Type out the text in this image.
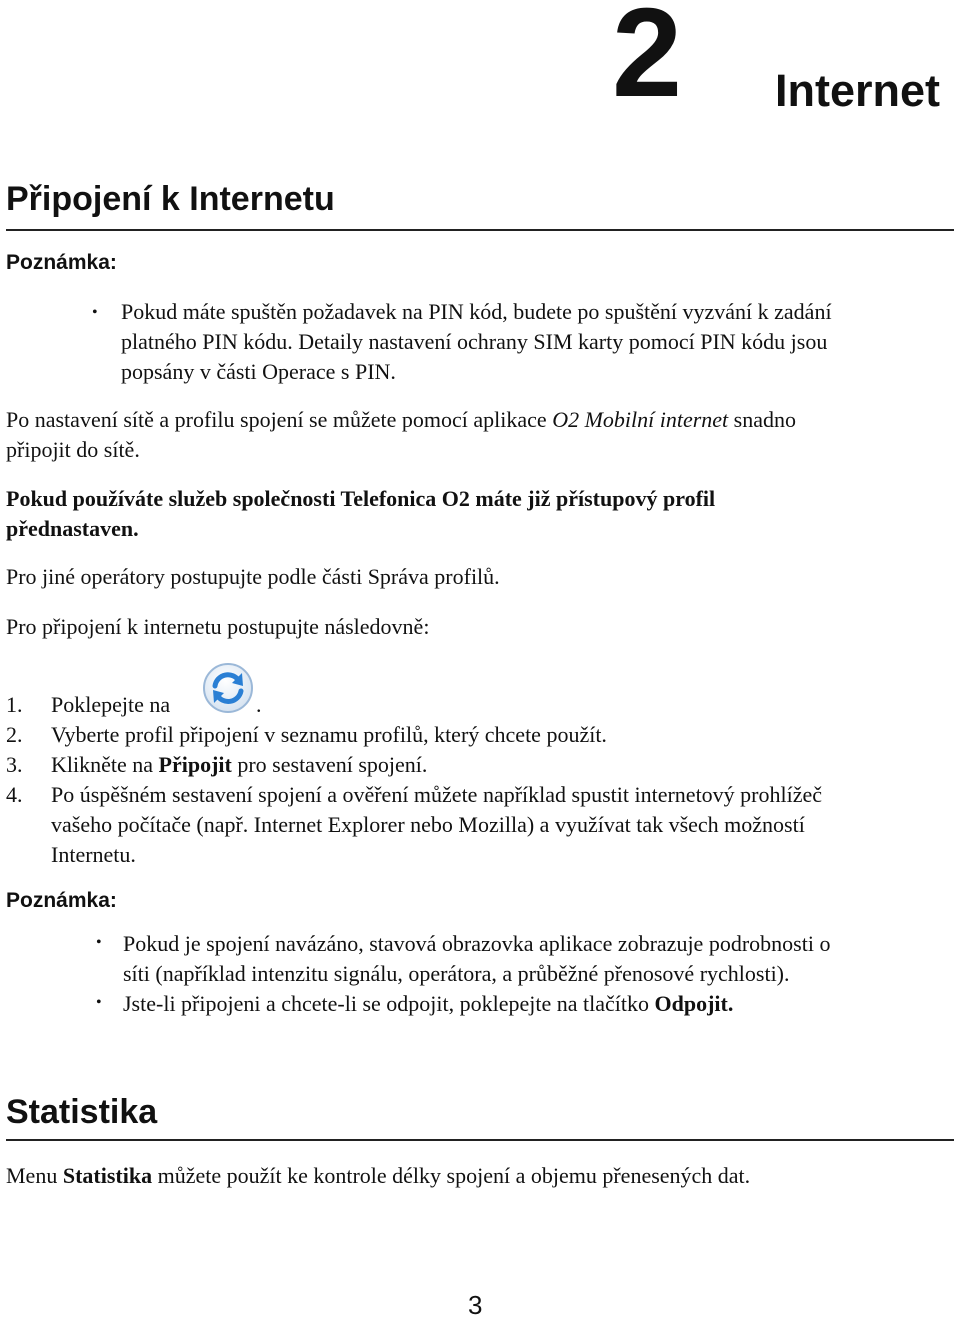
2 Internet
Připojení k Internetu
Poznámka:
• Pokud máte spuštěn požadavek na PIN kód, budete po spuštění vyzvání k zadání
platného PIN kódu. Detaily nastavení ochrany SIM karty pomocí PIN kódu jsou
popsány v části Operace s PIN.
Po nastavení sítě a profilu spojení se můžete pomocí aplikace O2 Mobilní internet snadno
připojit do sítě.
Pokud používáte služeb společnosti Telefonica O2 máte již přístupový profil
přednastaven.
Pro jiné operátory postupujte podle části Správa profilů.
Pro připojení k internetu postupujte následovně:
1. Poklepejte na	.
2. Vyberte profil připojení v seznamu profilů, který chcete použít.
3. Klikněte na Připojit pro sestavení spojení.
4. Po úspěšném sestavení spojení a ověření můžete například spustit internetový prohlížeč
vašeho počítače (např. Internet Explorer nebo Mozilla) a využívat tak všech možností
Internetu.
Poznámka:
• Pokud je spojení navázáno, stavová obrazovka aplikace zobrazuje podrobnosti o
síti (například intenzitu signálu, operátora, a průběžné přenosové rychlosti).
• Jste-li připojeni a chcete-li se odpojit, poklepejte na tlačítko Odpojit.
Statistika
Menu Statistika můžete použít ke kontrole délky spojení a objemu přenesených dat.
3
